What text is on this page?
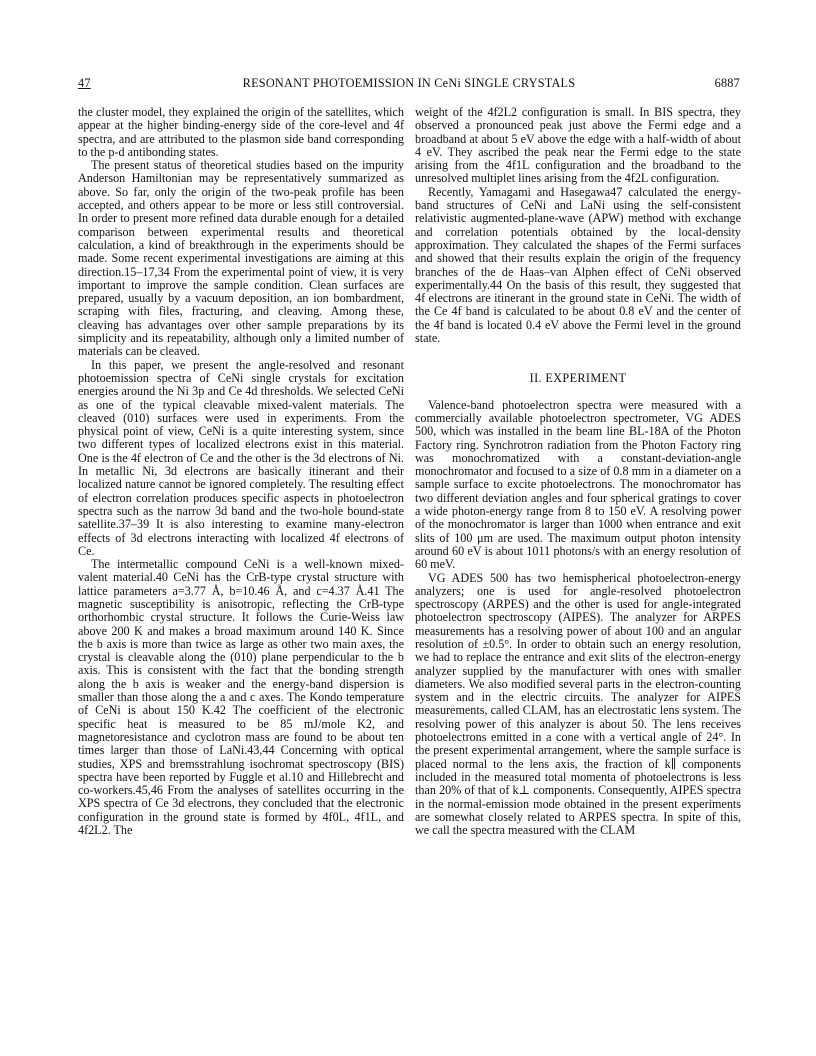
47	RESONANT PHOTOEMISSION IN CeNi SINGLE CRYSTALS	6887

the cluster model, they explained the origin of the satellites, which appear at the higher binding-energy side of the core-level and 4f spectra, and are attributed to the plasmon side band corresponding to the p-d antibonding states.

The present status of theoretical studies based on the impurity Anderson Hamiltonian may be representatively summarized as above. So far, only the origin of the two-peak profile has been accepted, and others appear to be more or less still controversial. In order to present more refined data durable enough for a detailed comparison between experimental results and theoretical calculation, a kind of breakthrough in the experiments should be made. Some recent experimental investigations are aiming at this direction.15–17,34 From the experimental point of view, it is very important to improve the sample condition. Clean surfaces are prepared, usually by a vacuum deposition, an ion bombardment, scraping with files, fracturing, and cleaving. Among these, cleaving has advantages over other sample preparations by its simplicity and its repeatability, although only a limited number of materials can be cleaved.

In this paper, we present the angle-resolved and resonant photoemission spectra of CeNi single crystals for excitation energies around the Ni 3p and Ce 4d thresholds. We selected CeNi as one of the typical cleavable mixed-valent materials. The cleaved (010) surfaces were used in experiments. From the physical point of view, CeNi is a quite interesting system, since two different types of localized electrons exist in this material. One is the 4f electron of Ce and the other is the 3d electrons of Ni. In metallic Ni, 3d electrons are basically itinerant and their localized nature cannot be ignored completely. The resulting effect of electron correlation produces specific aspects in photoelectron spectra such as the narrow 3d band and the two-hole bound-state satellite.37–39 It is also interesting to examine many-electron effects of 3d electrons interacting with localized 4f electrons of Ce.

The intermetallic compound CeNi is a well-known mixed-valent material.40 CeNi has the CrB-type crystal structure with lattice parameters a=3.77 Å, b=10.46 Å, and c=4.37 Å.41 The magnetic susceptibility is anisotropic, reflecting the CrB-type orthorhombic crystal structure. It follows the Curie-Weiss law above 200 K and makes a broad maximum around 140 K. Since the b axis is more than twice as large as other two main axes, the crystal is cleavable along the (010) plane perpendicular to the b axis. This is consistent with the fact that the bonding strength along the b axis is weaker and the energy-band dispersion is smaller than those along the a and c axes. The Kondo temperature of CeNi is about 150 K.42 The coefficient of the electronic specific heat is measured to be 85 mJ/mole K2, and magnetoresistance and cyclotron mass are found to be about ten times larger than those of LaNi.43,44 Concerning with optical studies, XPS and bremsstrahlung isochromat spectroscopy (BIS) spectra have been reported by Fuggle et al.10 and Hillebrecht and co-workers.45,46 From the analyses of satellites occurring in the XPS spectra of Ce 3d electrons, they concluded that the electronic configuration in the ground state is formed by 4f0L, 4f1L, and 4f2L2. The

weight of the 4f2L2 configuration is small. In BIS spectra, they observed a pronounced peak just above the Fermi edge and a broadband at about 5 eV above the edge with a half-width of about 4 eV. They ascribed the peak near the Fermi edge to the state arising from the 4f1L configuration and the broadband to the unresolved multiplet lines arising from the 4f2L configuration.

Recently, Yamagami and Hasegawa47 calculated the energy-band structures of CeNi and LaNi using the self-consistent relativistic augmented-plane-wave (APW) method with exchange and correlation potentials obtained by the local-density approximation. They calculated the shapes of the Fermi surfaces and showed that their results explain the origin of the frequency branches of the de Haas–van Alphen effect of CeNi observed experimentally.44 On the basis of this result, they suggested that 4f electrons are itinerant in the ground state in CeNi. The width of the Ce 4f band is calculated to be about 0.8 eV and the center of the 4f band is located 0.4 eV above the Fermi level in the ground state.

II. EXPERIMENT

Valence-band photoelectron spectra were measured with a commercially available photoelectron spectrometer, VG ADES 500, which was installed in the beam line BL-18A of the Photon Factory ring. Synchrotron radiation from the Photon Factory ring was monochromatized with a constant-deviation-angle monochromator and focused to a size of 0.8 mm in a diameter on a sample surface to excite photoelectrons. The monochromator has two different deviation angles and four spherical gratings to cover a wide photon-energy range from 8 to 150 eV. A resolving power of the monochromator is larger than 1000 when entrance and exit slits of 100 μm are used. The maximum output photon intensity around 60 eV is about 1011 photons/s with an energy resolution of 60 meV.

VG ADES 500 has two hemispherical photoelectron-energy analyzers; one is used for angle-resolved photoelectron spectroscopy (ARPES) and the other is used for angle-integrated photoelectron spectroscopy (AIPES). The analyzer for ARPES measurements has a resolving power of about 100 and an angular resolution of ±0.5°. In order to obtain such an energy resolution, we had to replace the entrance and exit slits of the electron-energy analyzer supplied by the manufacturer with ones with smaller diameters. We also modified several parts in the electron-counting system and in the electric circuits. The analyzer for AIPES measurements, called CLAM, has an electrostatic lens system. The resolving power of this analyzer is about 50. The lens receives photoelectrons emitted in a cone with a vertical angle of 24°. In the present experimental arrangement, where the sample surface is placed normal to the lens axis, the fraction of k∥ components included in the measured total momenta of photoelectrons is less than 20% of that of k⊥ components. Consequently, AIPES spectra in the normal-emission mode obtained in the present experiments are somewhat closely related to ARPES spectra. In spite of this, we call the spectra measured with the CLAM
